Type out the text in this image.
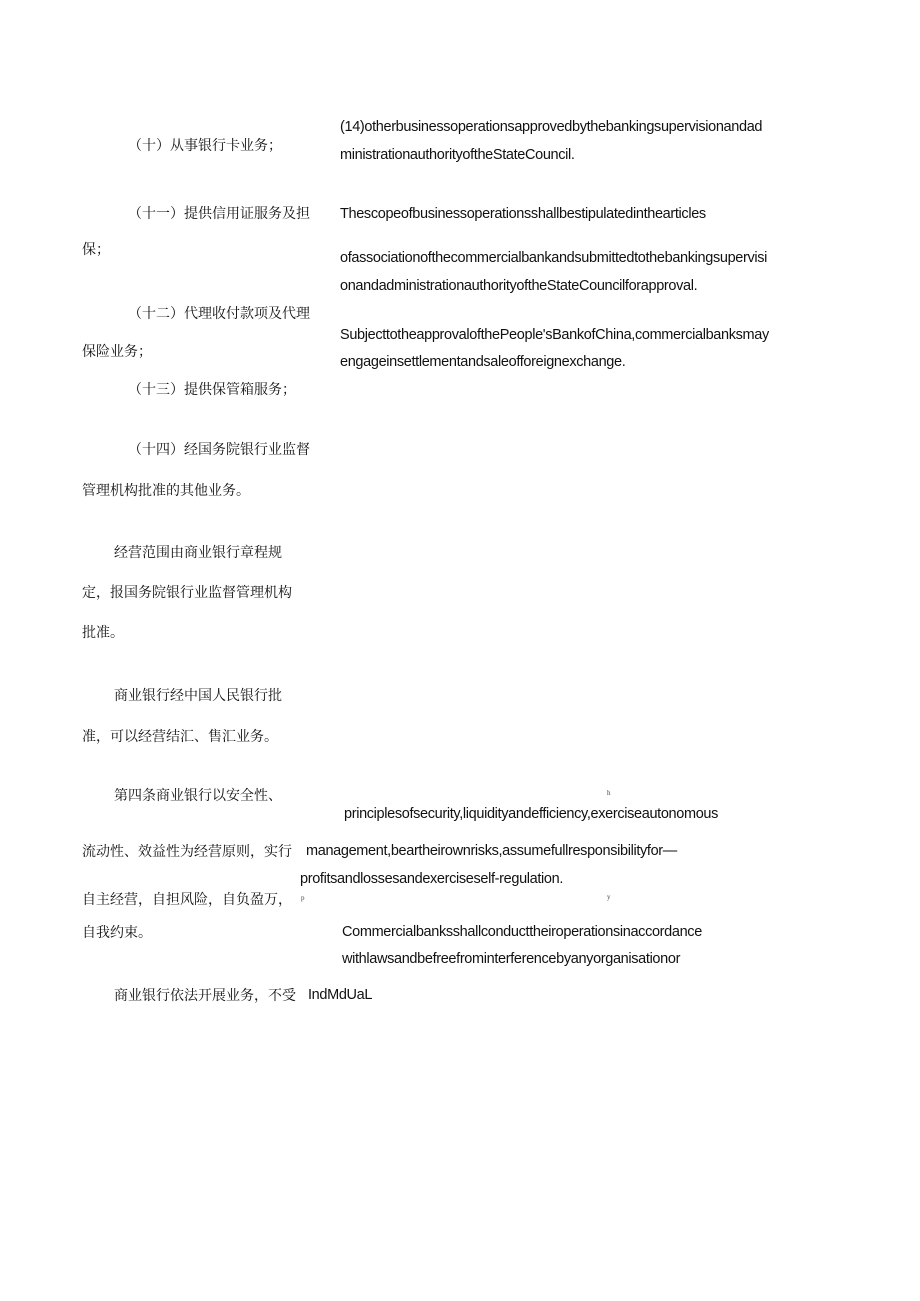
（十）从事银行卡业务；
（十一）提供信用证服务及担
保；
（十二）代理收付款项及代理
保险业务；
（十三）提供保管箱服务；
（十四）经国务院银行业监督
管理机构批准的其他业务。
经营范围由商业银行章程规
定，报国务院银行业监督管理机构
批准。
商业银行经中国人民银行批
准，可以经营结汇、售汇业务。
第四条商业银行以安全性、
流动性、效益性为经营原则，实行
自主经营，自担风险，自负盈万，
自我约束。
商业银行依法开展业务，不受
(14)otherbusinessoperationsapprovedbythebankingsupervisionandad
ministrationauthorityoftheStateCouncil.
Thescopeofbusinessoperationsshallbestipulatedinthearticles
ofassociationofthecommercialbankandsubmittedtothebankingsupervisi
onandadministrationauthorityoftheStateCouncilforapproval.
SubjecttotheapprovalofthePeople'sBankofChina,commercialbanksmay
engageinsettlementandsaleofforeignexchange.
h
principlesofsecurity,liquidityandefficiency,exerciseautonomous
management,beartheirownrisks,assumefullresponsibilityfor—
profitsandlossesandexerciseself-regulation.
p	y
Commercialbanksshallconducttheiroperationsinaccordance
withlawsandbefreefrominterferencebyanyorganisationor
IndMdUaL
